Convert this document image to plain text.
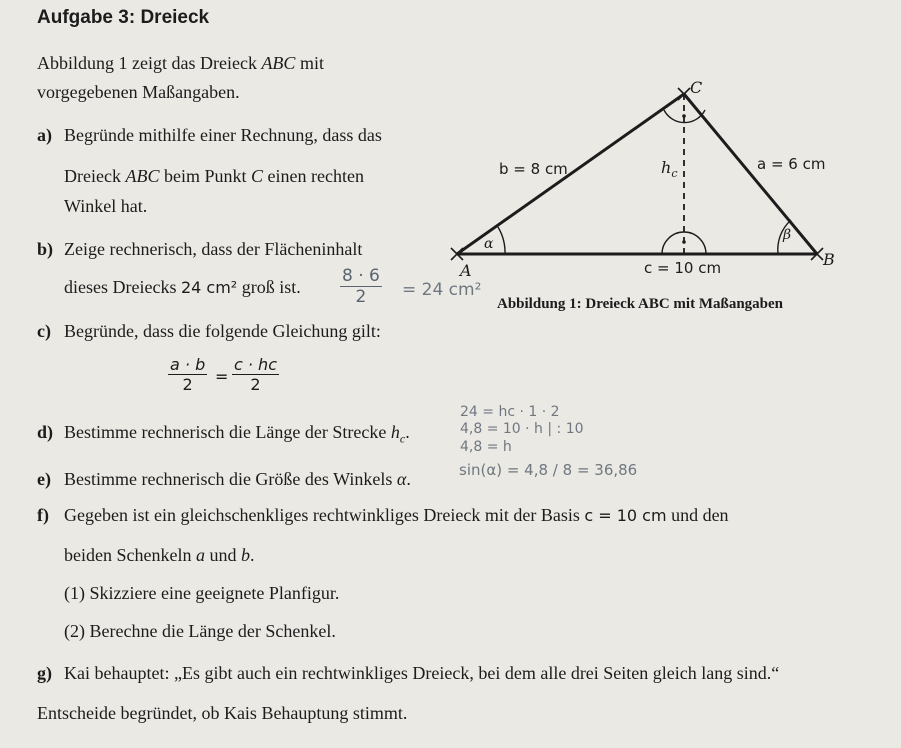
Aufgabe 3: Dreieck
Abbildung 1 zeigt das Dreieck ABC mit
vorgegebenen Maßangaben.
a) Begründe mithilfe einer Rechnung, dass das
Dreieck ABC beim Punkt C einen rechten
Winkel hat.
b) Zeige rechnerisch, dass der Flächeninhalt
dieses Dreiecks 24 cm² groß ist. $\frac{8 \cdot 6}{2} = 24$ cm²
c) Begründe, dass die folgende Gleichung gilt:
$\frac{a \cdot b}{2} = \frac{c \cdot hc}{2}$
d) Bestimme rechnerisch die Länge der Strecke $h_c$.
24 = hc · 1 · 2
4,8 = 10 · h | : 10
4,8 = h
e) Bestimme rechnerisch die Größe des Winkels α.	sin(α) = 4,8 / 8 = 36,86
f) Gegeben ist ein gleichschenkliges rechtwinkliges Dreieck mit der Basis c = 10 cm und den
beiden Schenkeln a und b.
(1) Skizziere eine geeignete Planfigur.
(2) Berechne die Länge der Schenkel.
g) Kai behauptet: „Es gibt auch ein rechtwinkliges Dreieck, bei dem alle drei Seiten gleich lang sind.“
Entscheide begründet, ob Kais Behauptung stimmt.
C
A
B
b = 8 cm	a = 6 cm
c = 10 cm
$h_c$
α
β
Abbildung 1: Dreieck ABC mit Maßangaben
